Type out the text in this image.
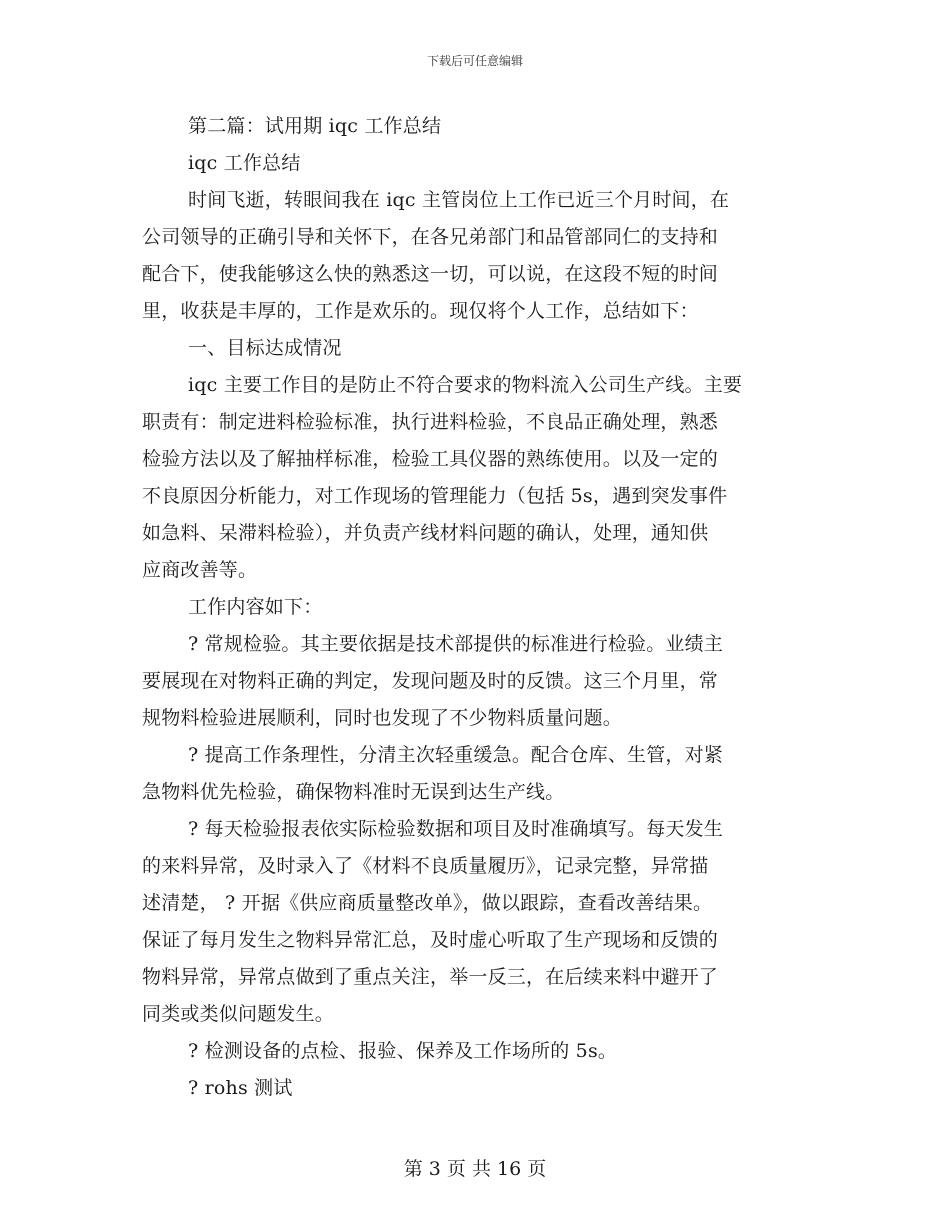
下载后可任意编辑
第二篇：试用期 iqc 工作总结
iqc 工作总结
时间飞逝，转眼间我在 iqc 主管岗位上工作已近三个月时间，在
公司领导的正确引导和关怀下，在各兄弟部门和品管部同仁的支持和
配合下，使我能够这么快的熟悉这一切，可以说，在这段不短的时间
里，收获是丰厚的，工作是欢乐的。现仅将个人工作，总结如下：
一、目标达成情况
iqc 主要工作目的是防止不符合要求的物料流入公司生产线。主要
职责有：制定进料检验标准，执行进料检验，不良品正确处理，熟悉
检验方法以及了解抽样标准，检验工具仪器的熟练使用。以及一定的
不良原因分析能力，对工作现场的管理能力（包括 5s，遇到突发事件
如急料、呆滞料检验），并负责产线材料问题的确认，处理，通知供
应商改善等。
工作内容如下：
? 常规检验。其主要依据是技术部提供的标准进行检验。业绩主
要展现在对物料正确的判定，发现问题及时的反馈。这三个月里，常
规物料检验进展顺利，同时也发现了不少物料质量问题。
? 提高工作条理性，分清主次轻重缓急。配合仓库、生管，对紧
急物料优先检验，确保物料准时无误到达生产线。
? 每天检验报表依实际检验数据和项目及时准确填写。每天发生
的来料异常，及时录入了《材料不良质量履历》，记录完整，异常描
述清楚， ? 开据《供应商质量整改单》，做以跟踪，查看改善结果。
保证了每月发生之物料异常汇总，及时虚心听取了生产现场和反馈的
物料异常，异常点做到了重点关注，举一反三，在后续来料中避开了
同类或类似问题发生。
? 检测设备的点检、报验、保养及工作场所的 5s。
? rohs 测试
第 3 页 共 16 页
